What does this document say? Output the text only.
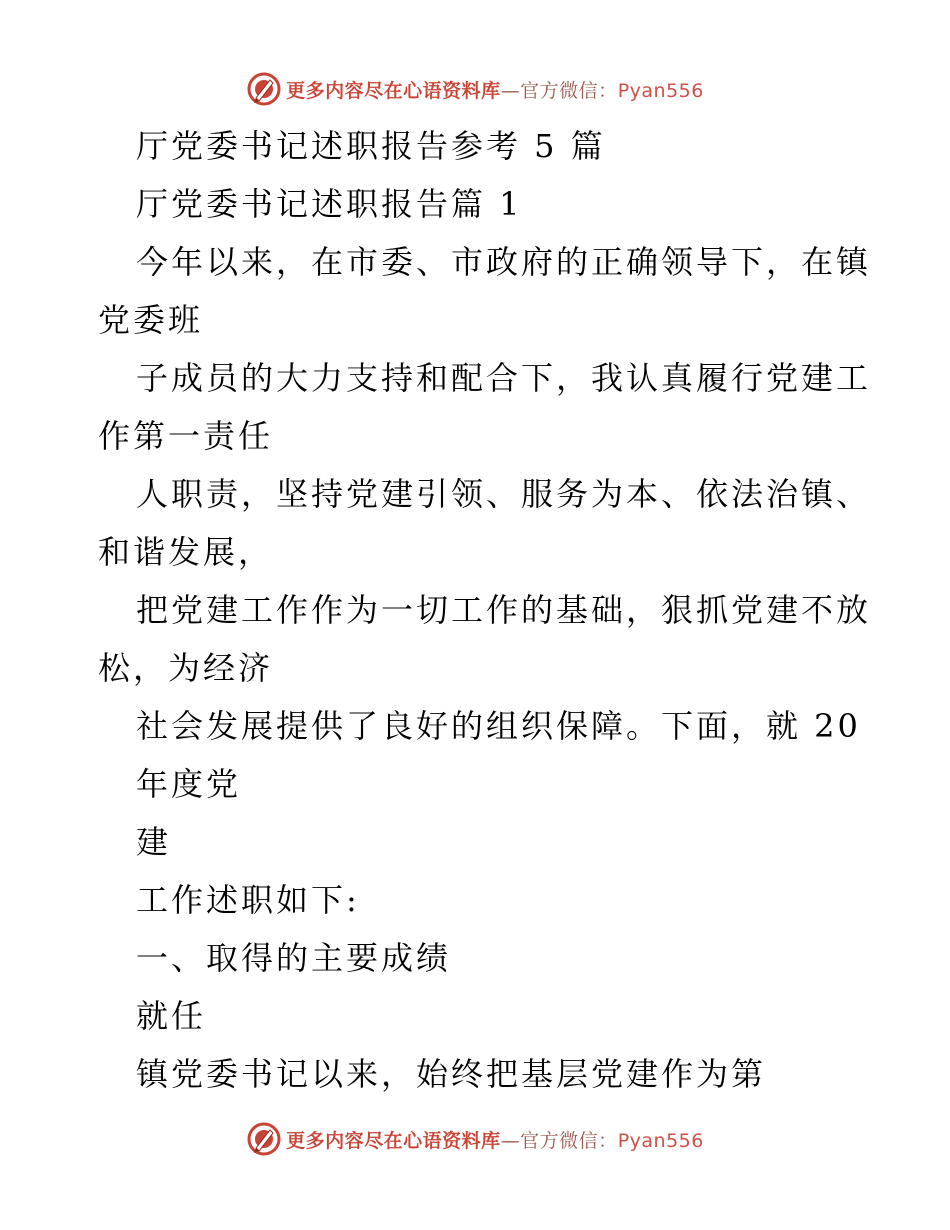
更多内容尽在心语资料库—官方微信：Pyan556
厅党委书记述职报告参考 5 篇
厅党委书记述职报告篇 1
今年以来，在市委、市政府的正确领导下，在镇
党委班
子成员的大力支持和配合下，我认真履行党建工
作第一责任
人职责，坚持党建引领、服务为本、依法治镇、
和谐发展，
把党建工作作为一切工作的基础，狠抓党建不放
松，为经济
社会发展提供了良好的组织保障。下面，就 20
年度党
建
工作述职如下:
一、取得的主要成绩
就任
镇党委书记以来，始终把基层党建作为第
更多内容尽在心语资料库—官方微信：Pyan556
